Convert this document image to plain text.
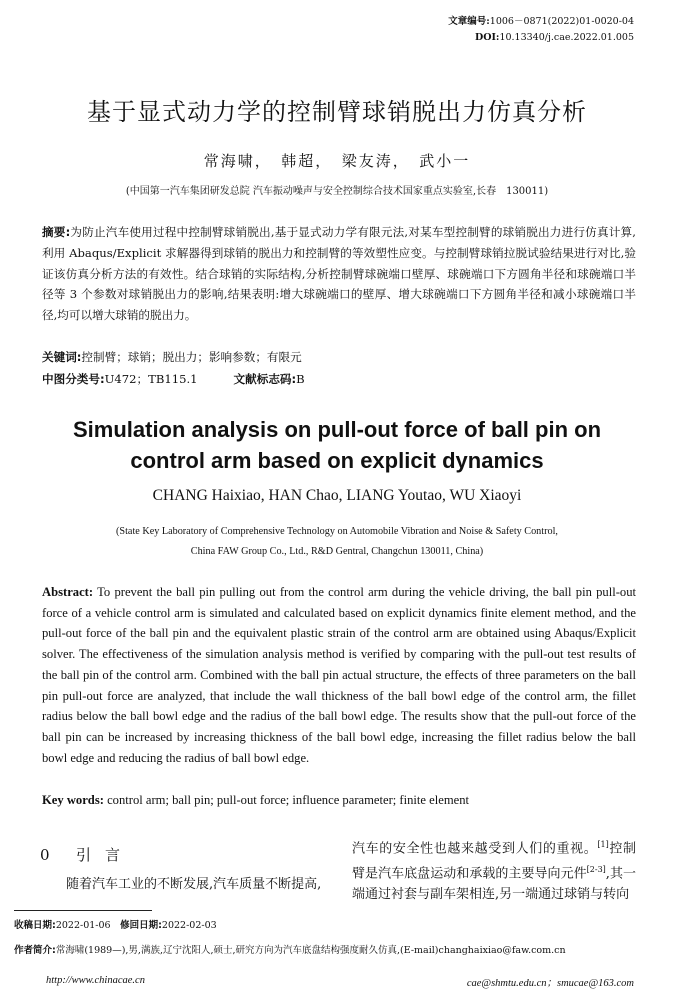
文章编号:1006－0871(2022)01-0020-04
DOI:10.13340/j.cae.2022.01.005
基于显式动力学的控制臂球销脱出力仿真分析
常海啸，　韩超，　梁友涛，　武小一
(中国第一汽车集团研发总院 汽车振动噪声与安全控制综合技术国家重点实验室,长春　130011)
摘要:为防止汽车使用过程中控制臂球销脱出,基于显式动力学有限元法,对某车型控制臂的球销脱出力进行仿真计算,利用 Abaqus/Explicit 求解器得到球销的脱出力和控制臂的等效塑性应变。与控制臂球销拉脱试验结果进行对比,验证该仿真分析方法的有效性。结合球销的实际结构,分析控制臂球碗端口壁厚、球碗端口下方圆角半径和球碗端口半径等 3 个参数对球销脱出力的影响,结果表明:增大球碗端口的壁厚、增大球碗端口下方圆角半径和减小球碗端口半径,均可以增大球销的脱出力。
关键词:控制臂；球销；脱出力；影响参数；有限元
中图分类号:U472；TB115.1	文献标志码:B
Simulation analysis on pull-out force of ball pin on
control arm based on explicit dynamics
CHANG Haixiao, HAN Chao, LIANG Youtao, WU Xiaoyi
(State Key Laboratory of Comprehensive Technology on Automobile Vibration and Noise & Safety Control,
China FAW Group Co., Ltd., R&D Gentral, Changchun 130011, China)
Abstract: To prevent the ball pin pulling out from the control arm during the vehicle driving, the ball pin pull-out force of a vehicle control arm is simulated and calculated based on explicit dynamics finite element method, and the pull-out force of the ball pin and the equivalent plastic strain of the control arm are obtained using Abaqus/Explicit solver. The effectiveness of the simulation analysis method is verified by comparing with the pull-out test results of the ball pin of the control arm. Combined with the ball pin actual structure, the effects of three parameters on the ball pin pull-out force are analyzed, that include the wall thickness of the ball bowl edge of the control arm, the fillet radius below the ball bowl edge and the radius of the ball bowl edge. The results show that the pull-out force of the ball pin can be increased by increasing thickness of the ball bowl edge, increasing the fillet radius below the ball bowl edge and reducing the radius of ball bowl edge.
Key words: control arm; ball pin; pull-out force; influence parameter; finite element
0 引言
随着汽车工业的不断发展,汽车质量不断提高,
汽车的安全性也越来越受到人们的重视。[1]控制臂是汽车底盘运动和承载的主要导向元件[2-3],其一端通过衬套与副车架相连,另一端通过球销与转向
收稿日期:2022-01-06　 修回日期:2022-02-03
作者简介:常海啸(1989—),男,满族,辽宁沈阳人,硕士,研究方向为汽车底盘结构强度耐久仿真,(E-mail)changhaixiao@faw.com.cn
http://www.chinacae.cn	cae@shmtu.edu.cn；smucae@163.com
